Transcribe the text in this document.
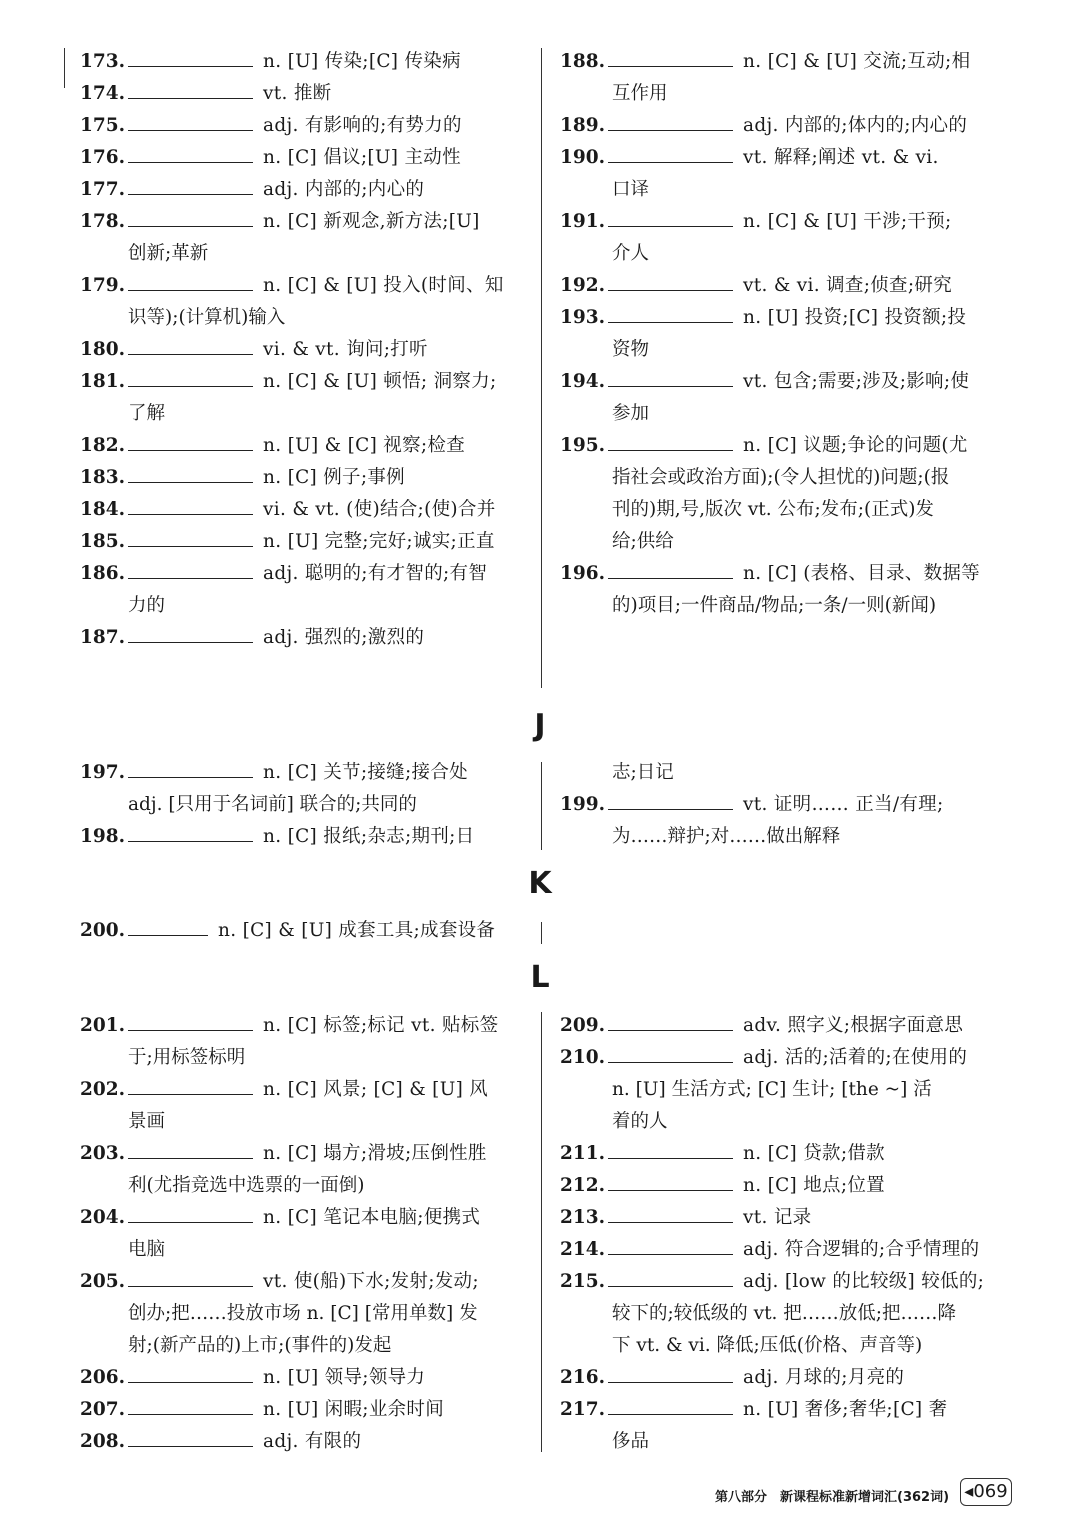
173.	n. [U] 传染;[C] 传染病

174.	vt. 推断

175.	adj. 有影响的;有势力的

176.	n. [C] 倡议;[U] 主动性

177.	adj. 内部的;内心的

178.	n. [C] 新观念,新方法;[U]

创新;革新

179.	n. [C] & [U] 投入(时间、知

识等);(计算机)输入

180.	vi. & vt. 询问;打听

181.	n. [C] & [U] 顿悟; 洞察力;

了解

182.	n. [U] & [C] 视察;检查

183.	n. [C] 例子;事例

184.	vi. & vt. (使)结合;(使)合并

185.	n. [U] 完整;完好;诚实;正直

186.	adj. 聪明的;有才智的;有智

力的

187.	adj. 强烈的;激烈的

188.	n. [C] & [U] 交流;互动;相

互作用

189.	adj. 内部的;体内的;内心的

190.	vt. 解释;阐述 vt. & vi.

口译

191.	n. [C] & [U] 干涉;干预;

介人

192.	vt. & vi. 调查;侦查;研究

193.	n. [U] 投资;[C] 投资额;投

资物

194.	vt. 包含;需要;涉及;影响;使

参加

195.	n. [C] 议题;争论的问题(尤

指社会或政治方面);(令人担忧的)问题;(报

刊的)期,号,版次 vt. 公布;发布;(正式)发

给;供给

196.	n. [C] (表格、目录、数据等

的)项目;一件商品/物品;一条/一则(新闻)

J

197.	n. [C] 关节;接缝;接合处

adj. [只用于名词前] 联合的;共同的

198.	n. [C] 报纸;杂志;期刊;日

志;日记

199.	vt. 证明…… 正当/有理;

为……辩护;对……做出解释

K

200.	n. [C] & [U] 成套工具;成套设备

L

201.	n. [C] 标签;标记 vt. 贴标签

于;用标签标明

202.	n. [C] 风景; [C] & [U] 风

景画

203.	n. [C] 塌方;滑坡;压倒性胜

利(尤指竞选中选票的一面倒)

204.	n. [C] 笔记本电脑;便携式

电脑

205.	vt. 使(船)下水;发射;发动;

创办;把……投放市场 n. [C] [常用单数] 发

射;(新产品的)上市;(事件的)发起

206.	n. [U] 领导;领导力

207.	n. [U] 闲暇;业余时间

208.	adj. 有限的

209.	adv. 照字义;根据字面意思

210.	adj. 活的;活着的;在使用的

n. [U] 生活方式; [C] 生计; [the ~] 活

着的人

211.	n. [C] 贷款;借款

212.	n. [C] 地点;位置

213.	vt. 记录

214.	adj. 符合逻辑的;合乎情理的

215.	adj. [low 的比较级] 较低的;

较下的;较低级的 vt. 把……放低;把……降

下 vt. & vi. 降低;压低(价格、声音等)

216.	adj. 月球的;月亮的

217.	n. [U] 奢侈;奢华;[C] 奢

侈品

第八部分　新课程标准新增词汇(362词) ◂069
